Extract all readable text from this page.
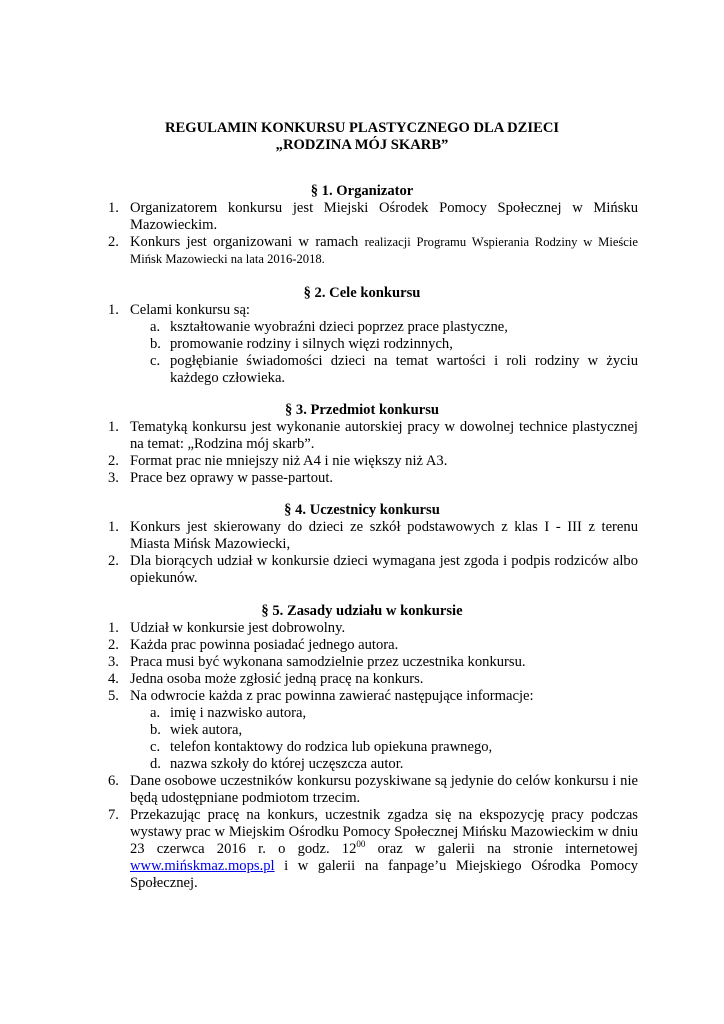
REGULAMIN KONKURSU PLASTYCZNEGO DLA DZIECI
„RODZINA MÓJ SKARB”
§ 1. Organizator
1. Organizatorem konkursu jest Miejski Ośrodek Pomocy Społecznej w Mińsku Mazowieckim.
2. Konkurs jest organizowani w ramach realizacji Programu Wspierania Rodziny w Mieście Mińsk Mazowiecki na lata 2016-2018.
§ 2. Cele konkursu
1. Celami konkursu są:
a. kształtowanie wyobraźni dzieci poprzez prace plastyczne,
b. promowanie rodziny i silnych więzi rodzinnych,
c. pogłębianie świadomości dzieci na temat wartości i roli rodziny w życiu każdego człowieka.
§ 3. Przedmiot konkursu
1. Tematyką konkursu jest wykonanie autorskiej pracy w dowolnej technice plastycznej na temat: „Rodzina mój skarb”.
2. Format prac nie mniejszy niż A4 i nie większy niż A3.
3. Prace bez oprawy w passe-partout.
§ 4. Uczestnicy konkursu
1. Konkurs jest skierowany do dzieci ze szkół podstawowych z klas I - III z terenu Miasta Mińsk Mazowiecki,
2. Dla biorących udział w konkursie dzieci wymagana jest zgoda i podpis rodziców albo opiekunów.
§ 5. Zasady udziału w konkursie
1. Udział w konkursie jest dobrowolny.
2. Każda prac powinna posiadać jednego autora.
3. Praca musi być wykonana samodzielnie przez uczestnika konkursu.
4. Jedna osoba może zgłosić jedną pracę na konkurs.
5. Na odwrocie każda z prac powinna zawierać następujące informacje:
a. imię i nazwisko autora,
b. wiek autora,
c. telefon kontaktowy do rodzica lub opiekuna prawnego,
d. nazwa szkoły do której uczęszcza autor.
6. Dane osobowe uczestników konkursu pozyskiwane są jedynie do celów konkursu i nie będą udostępniane podmiotom trzecim.
7. Przekazując pracę na konkurs, uczestnik zgadza się na ekspozycję pracy podczas wystawy prac w Miejskim Ośrodku Pomocy Społecznej Mińsku Mazowieckim w dniu 23 czerwca 2016 r. o godz. $12^{00}$ oraz w galerii na stronie internetowej www.mińskmaz.mops.pl i w galerii na fanpage’u Miejskiego Ośrodka Pomocy Społecznej.
